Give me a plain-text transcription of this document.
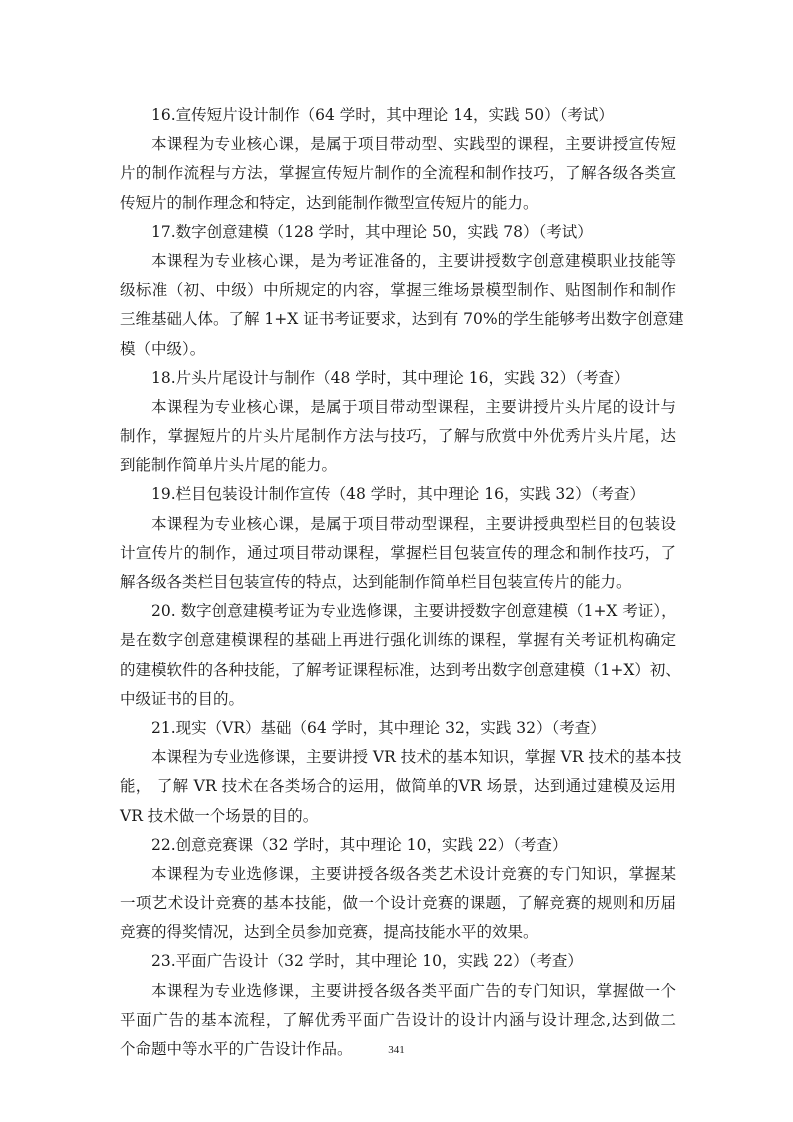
16.宣传短片设计制作（64 学时，其中理论 14，实践 50）（考试）
本课程为专业核心课，是属于项目带动型、实践型的课程，主要讲授宣传短
片的制作流程与方法，掌握宣传短片制作的全流程和制作技巧，了解各级各类宣
传短片的制作理念和特定，达到能制作微型宣传短片的能力。
17.数字创意建模（128 学时，其中理论 50，实践 78）（考试）
本课程为专业核心课，是为考证准备的，主要讲授数字创意建模职业技能等
级标准（初、中级）中所规定的内容，掌握三维场景模型制作、贴图制作和制作
三维基础人体。了解 1+X 证书考证要求，达到有 70%的学生能够考出数字创意建
模（中级）。
18.片头片尾设计与制作（48 学时，其中理论 16，实践 32）（考查）
本课程为专业核心课，是属于项目带动型课程，主要讲授片头片尾的设计与
制作，掌握短片的片头片尾制作方法与技巧，了解与欣赏中外优秀片头片尾，达
到能制作简单片头片尾的能力。
19.栏目包装设计制作宣传（48 学时，其中理论 16，实践 32）（考查）
本课程为专业核心课，是属于项目带动型课程，主要讲授典型栏目的包装设
计宣传片的制作，通过项目带动课程，掌握栏目包装宣传的理念和制作技巧，了
解各级各类栏目包装宣传的特点，达到能制作简单栏目包装宣传片的能力。
20. 数字创意建模考证为专业选修课，主要讲授数字创意建模（1+X 考证），
是在数字创意建模课程的基础上再进行强化训练的课程，掌握有关考证机构确定
的建模软件的各种技能，了解考证课程标准，达到考出数字创意建模（1+X）初、
中级证书的目的。
21.现实（VR）基础（64 学时，其中理论 32，实践 32）（考查）
本课程为专业选修课，主要讲授 VR 技术的基本知识，掌握 VR 技术的基本技
能， 了解 VR 技术在各类场合的运用，做简单的VR 场景，达到通过建模及运用
VR 技术做一个场景的目的。
22.创意竞赛课（32 学时，其中理论 10，实践 22）（考查）
本课程为专业选修课，主要讲授各级各类艺术设计竞赛的专门知识，掌握某
一项艺术设计竞赛的基本技能，做一个设计竞赛的课题，了解竞赛的规则和历届
竞赛的得奖情况，达到全员参加竞赛，提高技能水平的效果。
23.平面广告设计（32 学时，其中理论 10，实践 22）（考查）
本课程为专业选修课，主要讲授各级各类平面广告的专门知识，掌握做一个
平面广告的基本流程，了解优秀平面广告设计的设计内涵与设计理念,达到做二
个命题中等水平的广告设计作品。	341
